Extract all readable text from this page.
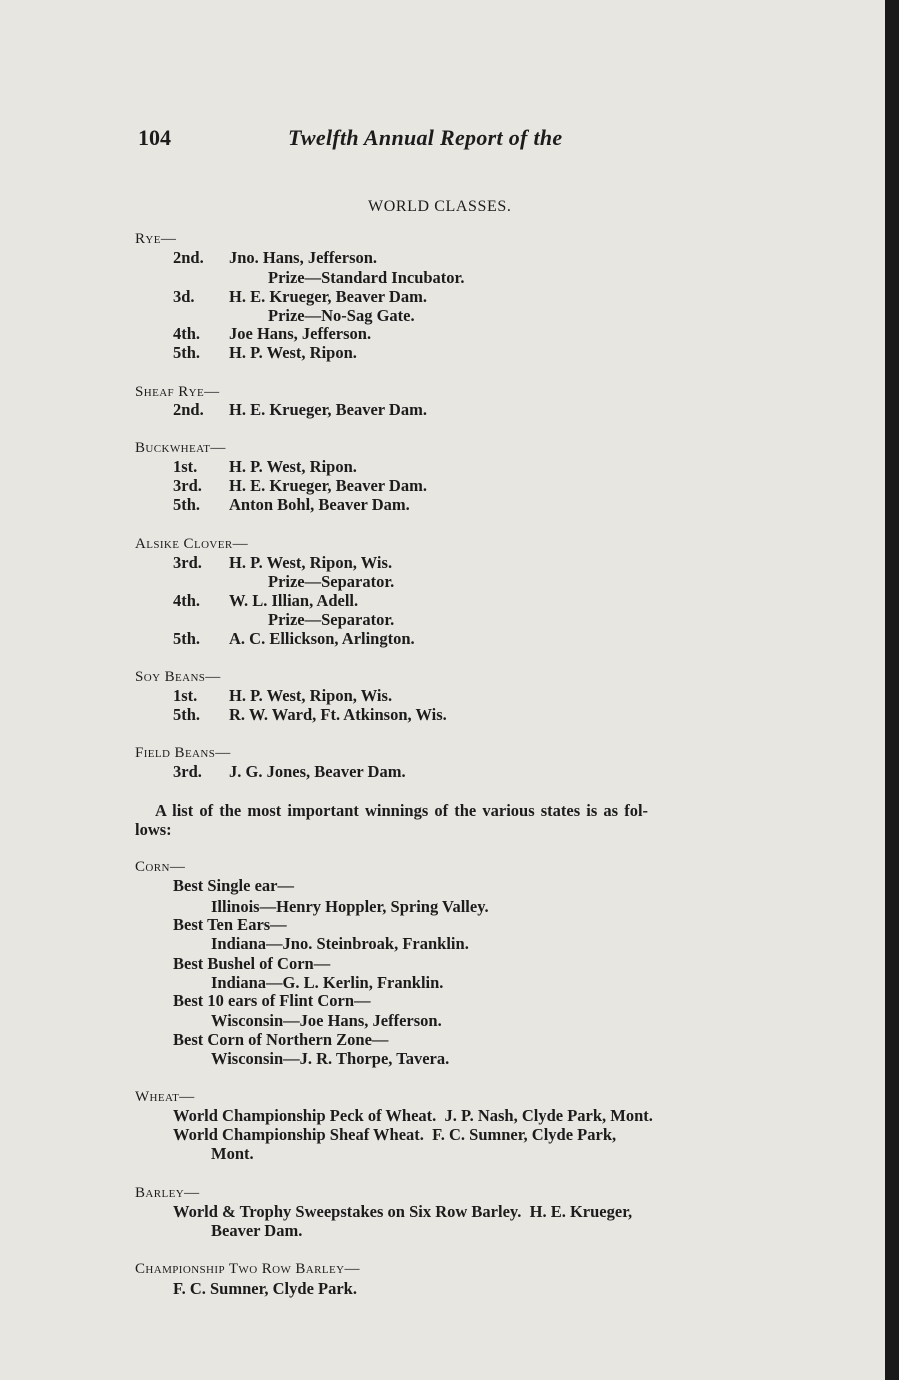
104	Twelfth Annual Report of the
WORLD CLASSES.
Rye—
2nd. Jno. Hans, Jefferson.
Prize—Standard Incubator.
3d. H. E. Krueger, Beaver Dam.
Prize—No-Sag Gate.
4th. Joe Hans, Jefferson.
5th. H. P. West, Ripon.
Sheaf Rye—
2nd. H. E. Krueger, Beaver Dam.
Buckwheat—
1st. H. P. West, Ripon.
3rd. H. E. Krueger, Beaver Dam.
5th. Anton Bohl, Beaver Dam.
Alsike Clover—
3rd. H. P. West, Ripon, Wis.
Prize—Separator.
4th. W. L. Illian, Adell.
Prize—Separator.
5th. A. C. Ellickson, Arlington.
Soy Beans—
1st. H. P. West, Ripon, Wis.
5th. R. W. Ward, Ft. Atkinson, Wis.
Field Beans—
3rd. J. G. Jones, Beaver Dam.
A list of the most important winnings of the various states is as fol-
lows:
Corn—
Best Single ear—
Illinois—Henry Hoppler, Spring Valley.
Best Ten Ears—
Indiana—Jno. Steinbroak, Franklin.
Best Bushel of Corn—
Indiana—G. L. Kerlin, Franklin.
Best 10 ears of Flint Corn—
Wisconsin—Joe Hans, Jefferson.
Best Corn of Northern Zone—
Wisconsin—J. R. Thorpe, Tavera.
Wheat—
World Championship Peck of Wheat.  J. P. Nash, Clyde Park, Mont.
World Championship Sheaf Wheat.  F. C. Sumner, Clyde Park,
Mont.
Barley—
World & Trophy Sweepstakes on Six Row Barley.  H. E. Krueger,
Beaver Dam.
Championship Two Row Barley—
F. C. Sumner, Clyde Park.
